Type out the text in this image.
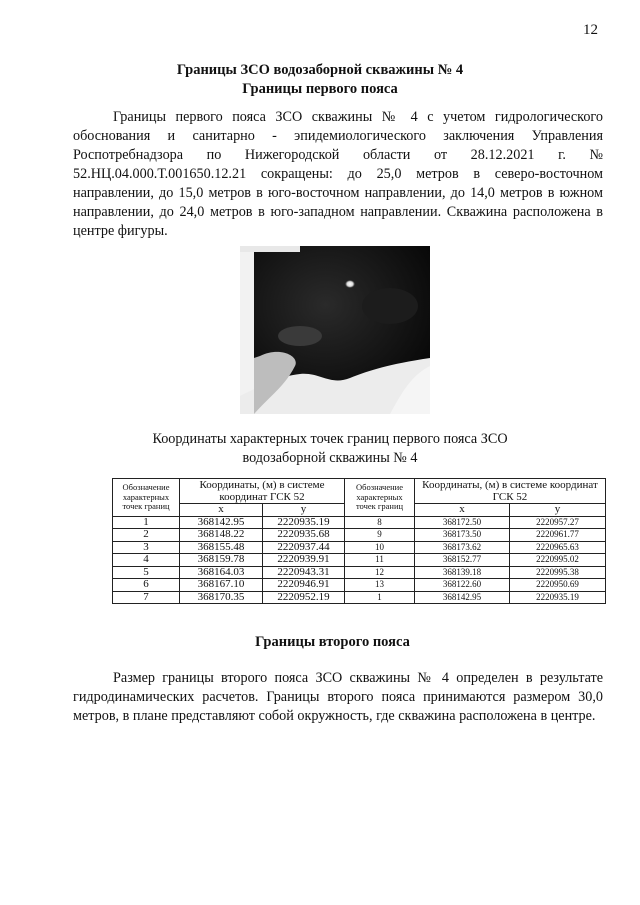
12
Границы ЗСО водозаборной скважины № 4
Границы первого пояса

Границы первого пояса ЗСО скважины № 4 с учетом гидрологического обоснования и санитарно - эпидемиологического заключения Управления Роспотребнадзора по Нижегородской области от 28.12.2021 г. № 52.НЦ.04.000.Т.001650.12.21 сокращены: до 25,0 метров в северо-восточном направлении, до 15,0 метров в юго-восточном направлении, до 14,0 метров в южном направлении, до 24,0 метров в юго-западном направлении. Скважина расположена в центре фигуры.

Координаты характерных точек границ первого пояса ЗСО
водозаборной скважины № 4
Обозначение характерных точек границ	Координаты, (м) в системе координат ГСК 52		Обозначение характерных точек границ	Координаты, (м) в системе координат ГСК 52	
	x	y		x	y
1	368142.95	2220935.19	8	368172.50	2220957.27
2	368148.22	2220935.68	9	368173.50	2220961.77
3	368155.48	2220937.44	10	368173.62	2220965.63
4	368159.78	2220939.91	11	368152.77	2220995.02
5	368164.03	2220943.31	12	368139.18	2220995.38
6	368167.10	2220946.91	13	368122.60	2220950.69
7	368170.35	2220952.19	1	368142.95	2220935.19
Границы второго пояса

Размер границы второго пояса ЗСО скважины № 4 определен в результате гидродинамических расчетов. Границы второго пояса принимаются размером 30,0 метров, в плане представляют собой окружность, где скважина расположена в центре.
